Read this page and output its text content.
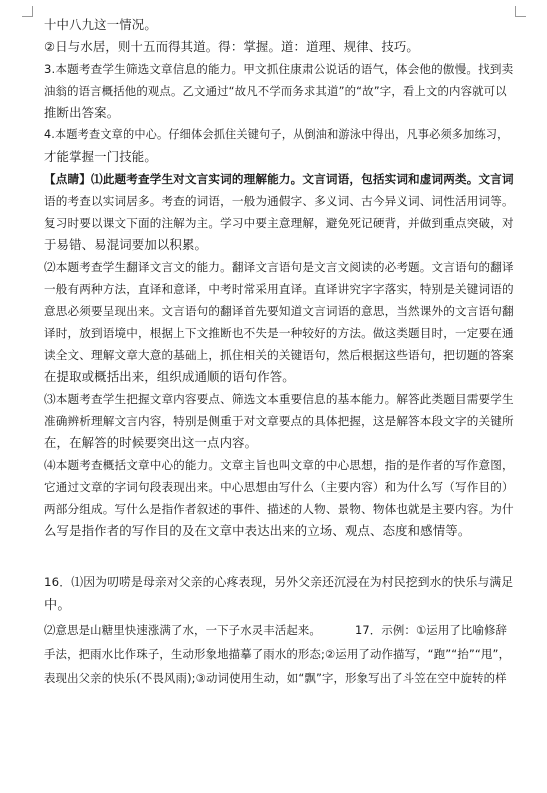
十中八九这一情况。
②日与水居，则十五而得其道。得：掌握。道：道理、规律、技巧。
3.本题考查学生筛选文章信息的能力。甲文抓住康肃公说话的语气，体会他的傲慢。找到卖
油翁的语言概括他的观点。乙文通过“故凡不学而务求其道”的“故”字，看上文的内容就可以
推断出答案。
4.本题考查文章的中心。仔细体会抓住关键句子，从倒油和游泳中得出，凡事必须多加练习，
才能掌握一门技能。
【点睛】⑴此题考查学生对文言实词的理解能力。文言词语，包括实词和虚词两类。文言词
语的考查以实词居多。考查的词语，一般为通假字、多义词、古今异义词、词性活用词等。
复习时要以课文下面的注解为主。学习中要主意理解，避免死记硬背，并做到重点突破，对
于易错、易混词要加以积累。
⑵本题考查学生翻译文言文的能力。翻译文言语句是文言文阅读的必考题。文言语句的翻译
一般有两种方法，直译和意译，中考时常采用直译。直译讲究字字落实，特别是关键词语的
意思必须要呈现出来。文言语句的翻译首先要知道文言词语的意思，当然课外的文言语句翻
译时，放到语境中，根据上下文推断也不失是一种较好的方法。做这类题目时，一定要在通
读全文、理解文章大意的基础上，抓住相关的关键语句，然后根据这些语句，把切题的答案
在提取或概括出来，组织成通顺的语句作答。
⑶本题考查学生把握文章内容要点、筛选文本重要信息的基本能力。解答此类题目需要学生
准确辨析理解文言内容，特别是侧重于对文章要点的具体把握，这是解答本段文字的关键所
在，在解答的时候要突出这一点内容。
⑷本题考查概括文章中心的能力。文章主旨也叫文章的中心思想，指的是作者的写作意图，
它通过文章的字词句段表现出来。中心思想由写什么（主要内容）和为什么写（写作目的）
两部分组成。写什么是指作者叙述的事件、描述的人物、景物、物体也就是主要内容。为什
么写是指作者的写作目的及在文章中表达出来的立场、观点、态度和感情等。
16．⑴因为叨唠是母亲对父亲的心疼表现，另外父亲还沉浸在为村民挖到水的快乐与满足
中。
⑵意思是山糖里快速涨满了水，一下子水灵丰活起来。	17．示例：①运用了比喻修辞
手法，把雨水比作珠子，生动形象地描摹了雨水的形态;②运用了动作描写，“跑”“抬”“甩”，
表现出父亲的快乐(不畏风雨);③动词使用生动，如“飘”字，形象写出了斗笠在空中旋转的样
